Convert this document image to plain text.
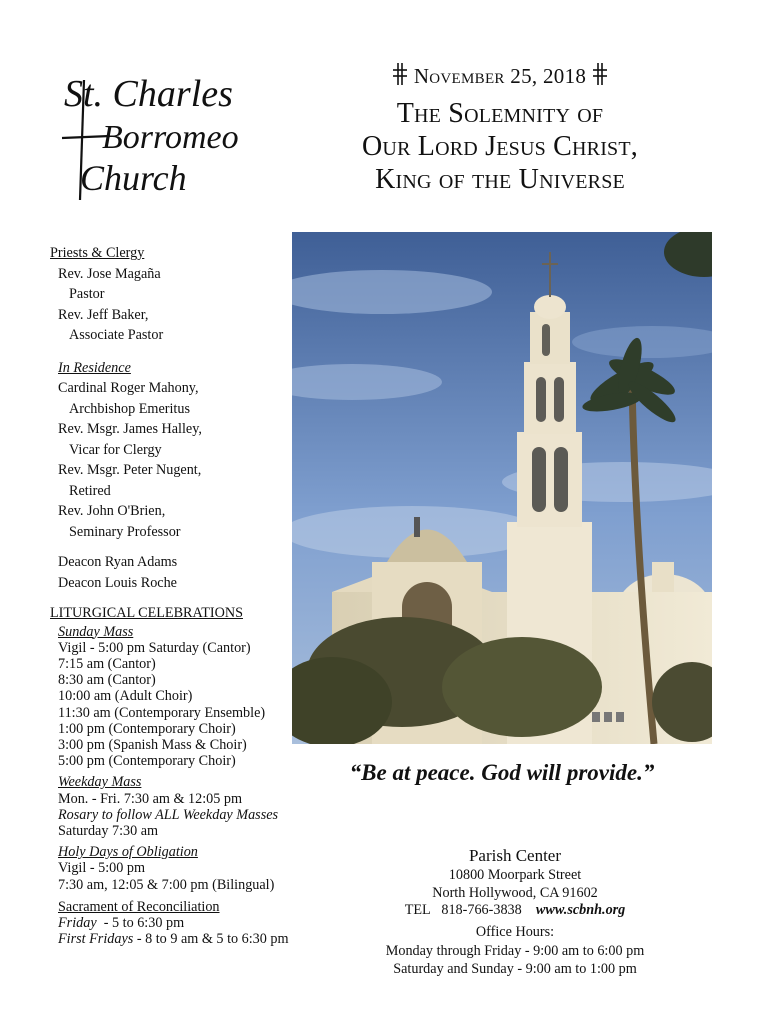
St. Charles
Borromeo
Church
November 25, 2018
The Solemnity of
Our Lord Jesus Christ,
King of the Universe
Priests & Clergy
Rev. Jose Magaña
Pastor
Rev. Jeff Baker,
Associate Pastor
In Residence
Cardinal Roger Mahony,
Archbishop Emeritus
Rev. Msgr. James Halley,
Vicar for Clergy
Rev. Msgr. Peter Nugent,
Retired
Rev. John O'Brien,
Seminary Professor
Deacon Ryan Adams
Deacon Louis Roche
LITURGICAL CELEBRATIONS
Sunday Mass
Vigil - 5:00 pm Saturday (Cantor)
7:15 am (Cantor)
8:30 am (Cantor)
10:00 am (Adult Choir)
11:30 am (Contemporary Ensemble)
1:00 pm (Contemporary Choir)
3:00 pm (Spanish Mass & Choir)
5:00 pm (Contemporary Choir)
Weekday Mass
Mon. - Fri. 7:30 am & 12:05 pm
Rosary to follow ALL Weekday Masses
Saturday 7:30 am
Holy Days of Obligation
Vigil - 5:00 pm
7:30 am, 12:05 & 7:00 pm (Bilingual)
Sacrament of Reconciliation
Friday  - 5 to 6:30 pm
First Fridays - 8 to 9 am & 5 to 6:30 pm
“Be at peace. God will provide.”
Parish Center
10800 Moorpark Street
North Hollywood, CA 91602
TEL 818-766-3838 www.scbnh.org
Office Hours:
Monday through Friday - 9:00 am to 6:00 pm
Saturday and Sunday - 9:00 am to 1:00 pm
